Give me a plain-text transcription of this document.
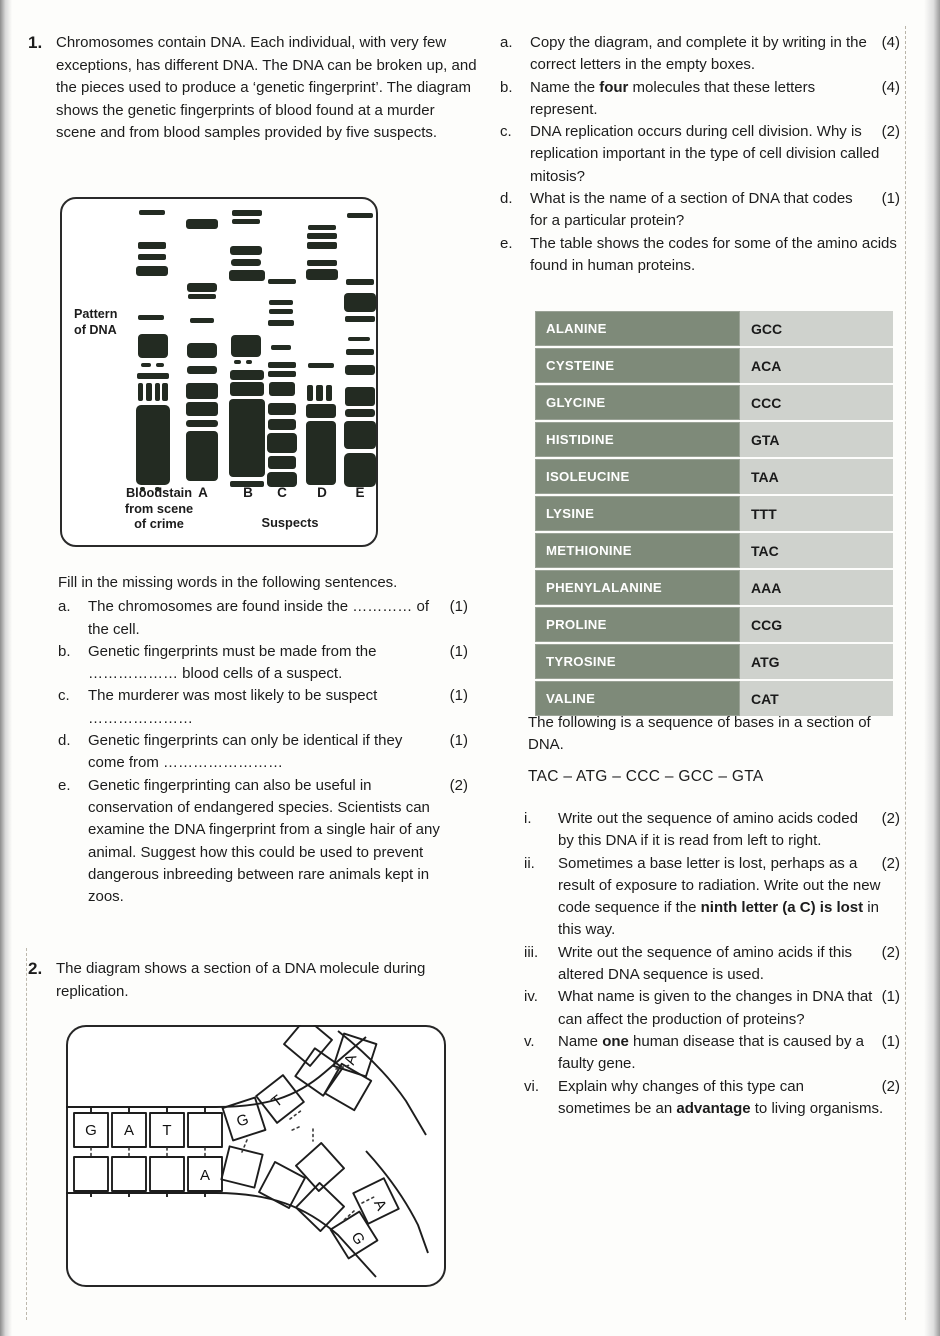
1. Chromosomes contain DNA. Each individual, with very few exceptions, has different DNA. The DNA can be broken up, and the pieces used to produce a ‘genetic fingerprint’. The diagram shows the genetic fingerprints of blood found at a murder scene and from blood samples provided by five suspects.

Pattern
of DNA
Bloodstain
from scene
of crime
A	B	C	D	E
Suspects
Fill in the missing words in the following sentences.
a.	(1)
The chromosomes are found inside the ………… of the cell.
b.	(1)
Genetic fingerprints must be made from the ……………… blood cells of a suspect.
c.	(1)
The murderer was most likely to be suspect …………………
d.	(1)
Genetic fingerprints can only be identical if they come from ……………………
e.	(2)
Genetic fingerprinting can also be useful in conservation of endangered species. Scientists can examine the DNA fingerprint from a single hair of any animal. Suggest how this could be used to prevent dangerous inbreeding between rare animals kept in zoos.
2. The diagram shows a section of a DNA molecule during replication.

G A T	G
T
A
A
G
A
a.	(4)
Copy the diagram, and complete it by writing in the correct letters in the empty boxes.
b.	(4)
Name the four molecules that these letters represent.
c.	(2)
DNA replication occurs during cell division. Why is replication important in the type of cell division called mitosis?
d.	(1)
What is the name of a section of DNA that codes for a particular protein?
e.	The table shows the codes for some of the amino acids found in human proteins.
ALANINE	GCC
CYSTEINE	ACA
GLYCINE	CCC
HISTIDINE	GTA
ISOLEUCINE	TAA
LYSINE	TTT
METHIONINE	TAC
PHENYLALANINE	AAA
PROLINE	CCG
TYROSINE	ATG
VALINE	CAT
The following is a sequence of bases in a section of DNA.
TAC – ATG – CCC – GCC – GTA
i.	(2)
Write out the sequence of amino acids coded by this DNA if it is read from left to right.
ii.	(2)
Sometimes a base letter is lost, perhaps as a result of exposure to radiation. Write out the new code sequence if the ninth letter (a C) is lost in this way.
iii.	(2)
Write out the sequence of amino acids if this altered DNA sequence is used.
iv.	(1)
What name is given to the changes in DNA that can affect the production of proteins?
v.	(1)
Name one human disease that is caused by a faulty gene.
vi.	(2)
Explain why changes of this type can sometimes be an advantage to living organisms.
